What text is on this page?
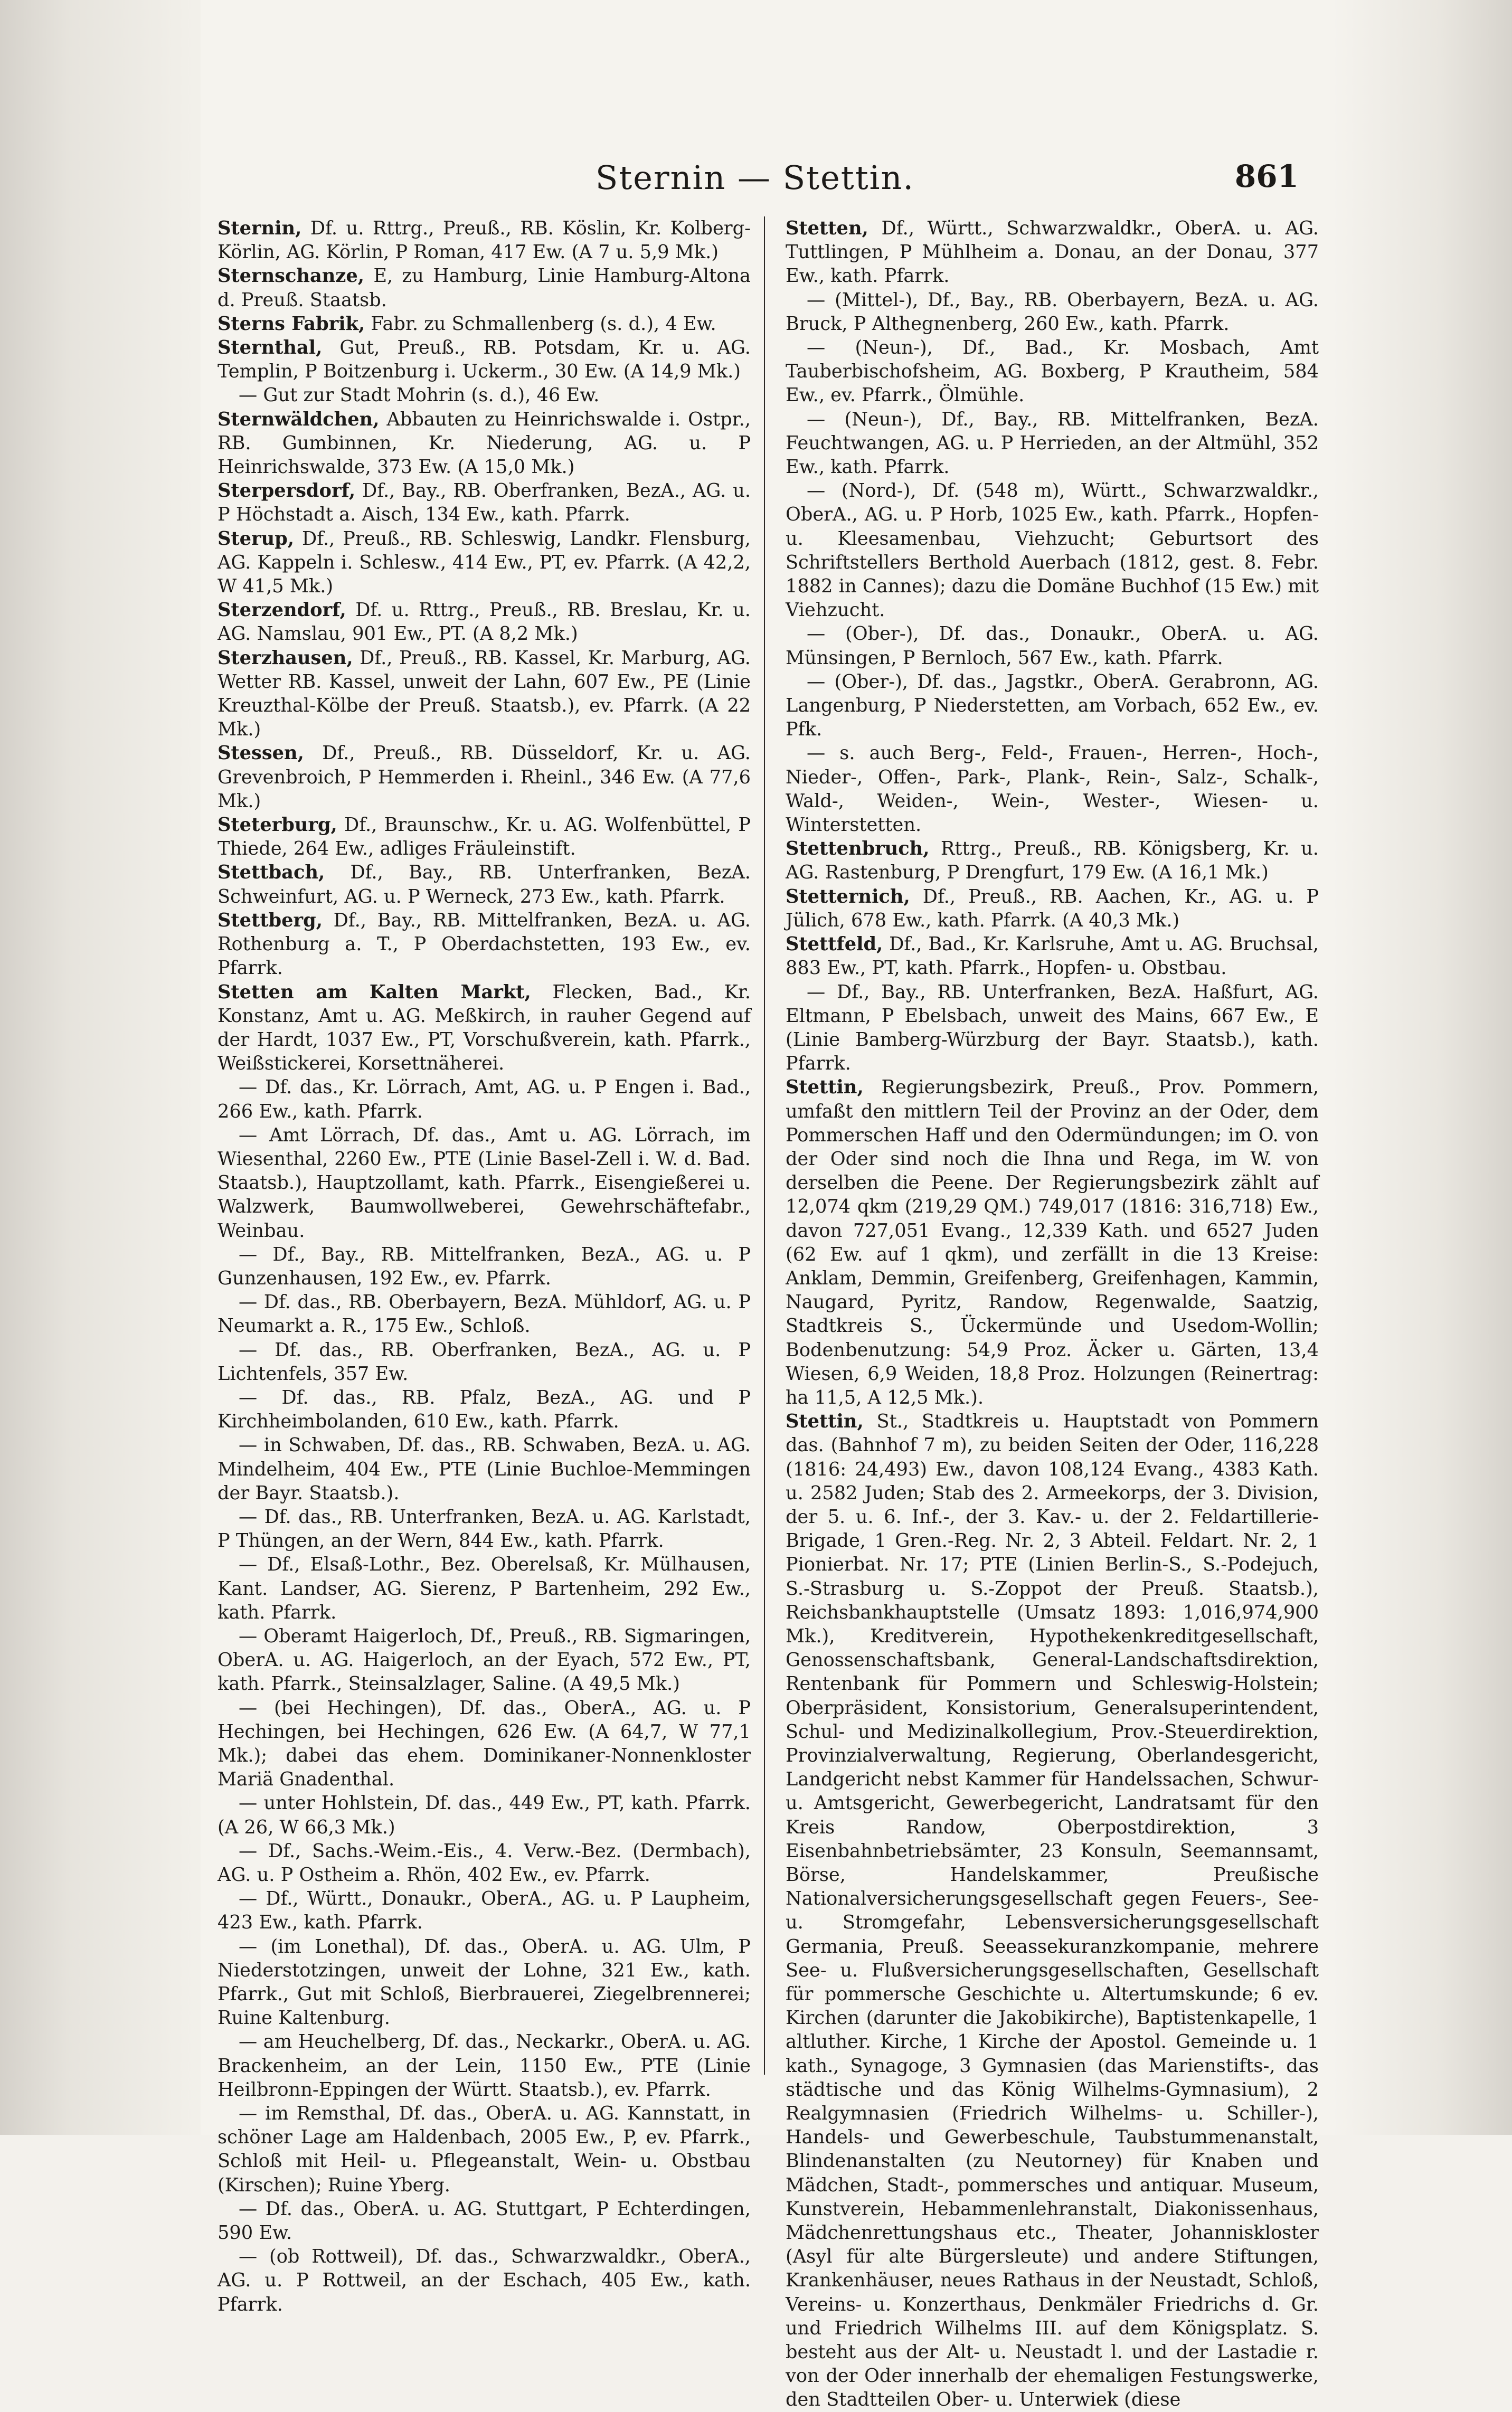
Sternin — Stettin.	861

Sternin, Df. u. Rttrg., Preuß., RB. Köslin, Kr. Kolberg-Körlin, AG. Körlin, P Roman, 417 Ew. (A 7 u. 5,9 Mk.)

Sternschanze, E, zu Hamburg, Linie Hamburg-Altona d. Preuß. Staatsb.

Sterns Fabrik, Fabr. zu Schmallenberg (s. d.), 4 Ew.

Sternthal, Gut, Preuß., RB. Potsdam, Kr. u. AG. Templin, P Boitzenburg i. Uckerm., 30 Ew. (A 14,9 Mk.)

— Gut zur Stadt Mohrin (s. d.), 46 Ew.

Sternwäldchen, Abbauten zu Heinrichswalde i. Ostpr., RB. Gumbinnen, Kr. Niederung, AG. u. P Heinrichswalde, 373 Ew. (A 15,0 Mk.)

Sterpersdorf, Df., Bay., RB. Oberfranken, BezA., AG. u. P Höchstadt a. Aisch, 134 Ew., kath. Pfarrk.

Sterup, Df., Preuß., RB. Schleswig, Landkr. Flensburg, AG. Kappeln i. Schlesw., 414 Ew., PT, ev. Pfarrk. (A 42,2, W 41,5 Mk.)

Sterzendorf, Df. u. Rttrg., Preuß., RB. Breslau, Kr. u. AG. Namslau, 901 Ew., PT. (A 8,2 Mk.)

Sterzhausen, Df., Preuß., RB. Kassel, Kr. Marburg, AG. Wetter RB. Kassel, unweit der Lahn, 607 Ew., PE (Linie Kreuzthal-Kölbe der Preuß. Staatsb.), ev. Pfarrk. (A 22 Mk.)

Stessen, Df., Preuß., RB. Düsseldorf, Kr. u. AG. Grevenbroich, P Hemmerden i. Rheinl., 346 Ew. (A 77,6 Mk.)

Steterburg, Df., Braunschw., Kr. u. AG. Wolfenbüttel, P Thiede, 264 Ew., adliges Fräuleinstift.

Stettbach, Df., Bay., RB. Unterfranken, BezA. Schweinfurt, AG. u. P Werneck, 273 Ew., kath. Pfarrk.

Stettberg, Df., Bay., RB. Mittelfranken, BezA. u. AG. Rothenburg a. T., P Oberdachstetten, 193 Ew., ev. Pfarrk.

Stetten am Kalten Markt, Flecken, Bad., Kr. Konstanz, Amt u. AG. Meßkirch, in rauher Gegend auf der Hardt, 1037 Ew., PT, Vorschußverein, kath. Pfarrk., Weißstickerei, Korsettnäherei.

— Df. das., Kr. Lörrach, Amt, AG. u. P Engen i. Bad., 266 Ew., kath. Pfarrk.

— Amt Lörrach, Df. das., Amt u. AG. Lörrach, im Wiesenthal, 2260 Ew., PTE (Linie Basel-Zell i. W. d. Bad. Staatsb.), Hauptzollamt, kath. Pfarrk., Eisengießerei u. Walzwerk, Baumwollweberei, Gewehrschäftefabr., Weinbau.

— Df., Bay., RB. Mittelfranken, BezA., AG. u. P Gunzenhausen, 192 Ew., ev. Pfarrk.

— Df. das., RB. Oberbayern, BezA. Mühldorf, AG. u. P Neumarkt a. R., 175 Ew., Schloß.

— Df. das., RB. Oberfranken, BezA., AG. u. P Lichtenfels, 357 Ew.

— Df. das., RB. Pfalz, BezA., AG. und P Kirchheimbolanden, 610 Ew., kath. Pfarrk.

— in Schwaben, Df. das., RB. Schwaben, BezA. u. AG. Mindelheim, 404 Ew., PTE (Linie Buchloe-Memmingen der Bayr. Staatsb.).

— Df. das., RB. Unterfranken, BezA. u. AG. Karlstadt, P Thüngen, an der Wern, 844 Ew., kath. Pfarrk.

— Df., Elsaß-Lothr., Bez. Oberelsaß, Kr. Mülhausen, Kant. Landser, AG. Sierenz, P Bartenheim, 292 Ew., kath. Pfarrk.

— Oberamt Haigerloch, Df., Preuß., RB. Sigmaringen, OberA. u. AG. Haigerloch, an der Eyach, 572 Ew., PT, kath. Pfarrk., Steinsalzlager, Saline. (A 49,5 Mk.)

— (bei Hechingen), Df. das., OberA., AG. u. P Hechingen, bei Hechingen, 626 Ew. (A 64,7, W 77,1 Mk.); dabei das ehem. Dominikaner-Nonnenkloster Mariä Gnadenthal.

— unter Hohlstein, Df. das., 449 Ew., PT, kath. Pfarrk. (A 26, W 66,3 Mk.)

— Df., Sachs.-Weim.-Eis., 4. Verw.-Bez. (Dermbach), AG. u. P Ostheim a. Rhön, 402 Ew., ev. Pfarrk.

— Df., Württ., Donaukr., OberA., AG. u. P Laupheim, 423 Ew., kath. Pfarrk.

— (im Lonethal), Df. das., OberA. u. AG. Ulm, P Niederstotzingen, unweit der Lohne, 321 Ew., kath. Pfarrk., Gut mit Schloß, Bierbrauerei, Ziegelbrennerei; Ruine Kaltenburg.

— am Heuchelberg, Df. das., Neckarkr., OberA. u. AG. Brackenheim, an der Lein, 1150 Ew., PTE (Linie Heilbronn-Eppingen der Württ. Staatsb.), ev. Pfarrk.

— im Remsthal, Df. das., OberA. u. AG. Kannstatt, in schöner Lage am Haldenbach, 2005 Ew., P, ev. Pfarrk., Schloß mit Heil- u. Pflegeanstalt, Wein- u. Obstbau (Kirschen); Ruine Yberg.

— Df. das., OberA. u. AG. Stuttgart, P Echterdingen, 590 Ew.

— (ob Rottweil), Df. das., Schwarzwaldkr., OberA., AG. u. P Rottweil, an der Eschach, 405 Ew., kath. Pfarrk.

Stetten, Df., Württ., Schwarzwaldkr., OberA. u. AG. Tuttlingen, P Mühlheim a. Donau, an der Donau, 377 Ew., kath. Pfarrk.

— (Mittel-), Df., Bay., RB. Oberbayern, BezA. u. AG. Bruck, P Althegnenberg, 260 Ew., kath. Pfarrk.

— (Neun-), Df., Bad., Kr. Mosbach, Amt Tauberbischofsheim, AG. Boxberg, P Krautheim, 584 Ew., ev. Pfarrk., Ölmühle.

— (Neun-), Df., Bay., RB. Mittelfranken, BezA. Feuchtwangen, AG. u. P Herrieden, an der Altmühl, 352 Ew., kath. Pfarrk.

— (Nord-), Df. (548 m), Württ., Schwarzwaldkr., OberA., AG. u. P Horb, 1025 Ew., kath. Pfarrk., Hopfen- u. Kleesamenbau, Viehzucht; Geburtsort des Schriftstellers Berthold Auerbach (1812, gest. 8. Febr. 1882 in Cannes); dazu die Domäne Buchhof (15 Ew.) mit Viehzucht.

— (Ober-), Df. das., Donaukr., OberA. u. AG. Münsingen, P Bernloch, 567 Ew., kath. Pfarrk.

— (Ober-), Df. das., Jagstkr., OberA. Gerabronn, AG. Langenburg, P Niederstetten, am Vorbach, 652 Ew., ev. Pfk.

— s. auch Berg-, Feld-, Frauen-, Herren-, Hoch-, Nieder-, Offen-, Park-, Plank-, Rein-, Salz-, Schalk-, Wald-, Weiden-, Wein-, Wester-, Wiesen- u. Winterstetten.

Stettenbruch, Rttrg., Preuß., RB. Königsberg, Kr. u. AG. Rastenburg, P Drengfurt, 179 Ew. (A 16,1 Mk.)

Stetternich, Df., Preuß., RB. Aachen, Kr., AG. u. P Jülich, 678 Ew., kath. Pfarrk. (A 40,3 Mk.)

Stettfeld, Df., Bad., Kr. Karlsruhe, Amt u. AG. Bruchsal, 883 Ew., PT, kath. Pfarrk., Hopfen- u. Obstbau.

— Df., Bay., RB. Unterfranken, BezA. Haßfurt, AG. Eltmann, P Ebelsbach, unweit des Mains, 667 Ew., E (Linie Bamberg-Würzburg der Bayr. Staatsb.), kath. Pfarrk.

Stettin, Regierungsbezirk, Preuß., Prov. Pommern, umfaßt den mittlern Teil der Provinz an der Oder, dem Pommerschen Haff und den Odermündungen; im O. von der Oder sind noch die Ihna und Rega, im W. von derselben die Peene. Der Regierungsbezirk zählt auf 12,074 qkm (219,29 QM.) 749,017 (1816: 316,718) Ew., davon 727,051 Evang., 12,339 Kath. und 6527 Juden (62 Ew. auf 1 qkm), und zerfällt in die 13 Kreise: Anklam, Demmin, Greifenberg, Greifenhagen, Kammin, Naugard, Pyritz, Randow, Regenwalde, Saatzig, Stadtkreis S., Ückermünde und Usedom-Wollin; Bodenbenutzung: 54,9 Proz. Äcker u. Gärten, 13,4 Wiesen, 6,9 Weiden, 18,8 Proz. Holzungen (Reinertrag: ha 11,5, A 12,5 Mk.).

Stettin, St., Stadtkreis u. Hauptstadt von Pommern das. (Bahnhof 7 m), zu beiden Seiten der Oder, 116,228 (1816: 24,493) Ew., davon 108,124 Evang., 4383 Kath. u. 2582 Juden; Stab des 2. Armeekorps, der 3. Division, der 5. u. 6. Inf.-, der 3. Kav.- u. der 2. Feldartillerie-Brigade, 1 Gren.-Reg. Nr. 2, 3 Abteil. Feldart. Nr. 2, 1 Pionierbat. Nr. 17; PTE (Linien Berlin-S., S.-Podejuch, S.-Strasburg u. S.-Zoppot der Preuß. Staatsb.), Reichsbankhauptstelle (Umsatz 1893: 1,016,974,900 Mk.), Kreditverein, Hypothekenkreditgesellschaft, Genossenschaftsbank, General-Landschaftsdirektion, Rentenbank für Pommern und Schleswig-Holstein; Oberpräsident, Konsistorium, Generalsuperintendent, Schul- und Medizinalkollegium, Prov.-Steuerdirektion, Provinzialverwaltung, Regierung, Oberlandesgericht, Landgericht nebst Kammer für Handelssachen, Schwur- u. Amtsgericht, Gewerbegericht, Landratsamt für den Kreis Randow, Oberpostdirektion, 3 Eisenbahnbetriebsämter, 23 Konsuln, Seemannsamt, Börse, Handelskammer, Preußische Nationalversicherungsgesellschaft gegen Feuers-, See- u. Stromgefahr, Lebensversicherungsgesellschaft Germania, Preuß. Seeassekuranzkompanie, mehrere See- u. Flußversicherungsgesellschaften, Gesellschaft für pommersche Geschichte u. Altertumskunde; 6 ev. Kirchen (darunter die Jakobikirche), Baptistenkapelle, 1 altluther. Kirche, 1 Kirche der Apostol. Gemeinde u. 1 kath., Synagoge, 3 Gymnasien (das Marienstifts-, das städtische und das König Wilhelms-Gymnasium), 2 Realgymnasien (Friedrich Wilhelms- u. Schiller-), Handels- und Gewerbeschule, Taubstummenanstalt, Blindenanstalten (zu Neutorney) für Knaben und Mädchen, Stadt-, pommersches und antiquar. Museum, Kunstverein, Hebammenlehranstalt, Diakonissenhaus, Mädchenrettungshaus etc., Theater, Johanniskloster (Asyl für alte Bürgersleute) und andere Stiftungen, Krankenhäuser, neues Rathaus in der Neustadt, Schloß, Vereins- u. Konzerthaus, Denkmäler Friedrichs d. Gr. und Friedrich Wilhelms III. auf dem Königsplatz. S. besteht aus der Alt- u. Neustadt l. und der Lastadie r. von der Oder innerhalb der ehemaligen Festungswerke, den Stadtteilen Ober- u. Unterwiek (diese
